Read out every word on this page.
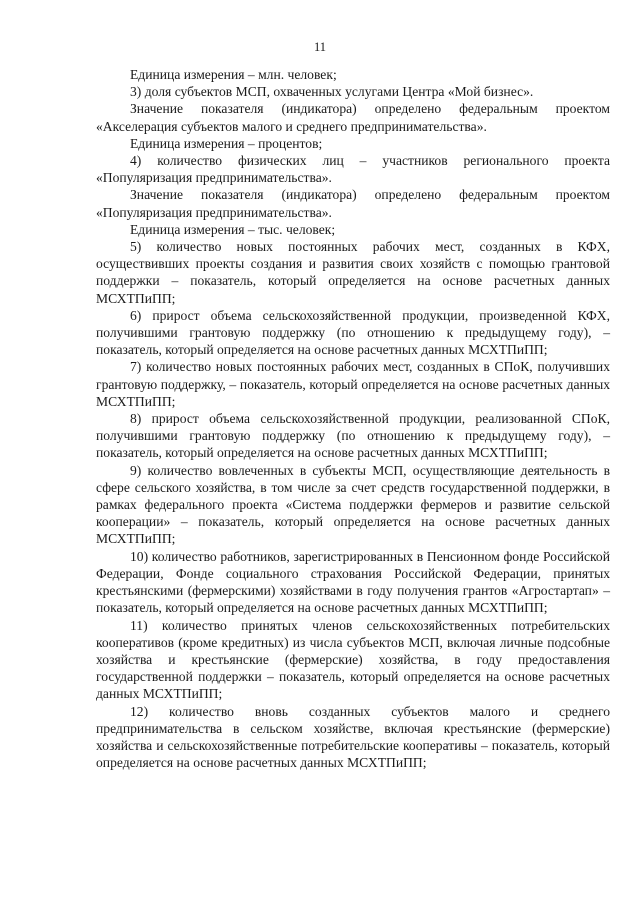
11

Единица измерения – млн. человек;

3) доля субъектов МСП, охваченных услугами Центра «Мой бизнес».

Значение показателя (индикатора) определено федеральным проектом «Акселерация субъектов малого и среднего предпринимательства».

Единица измерения – процентов;

4) количество физических лиц – участников регионального проекта «Популяризация предпринимательства».

Значение показателя (индикатора) определено федеральным проектом «Популяризация предпринимательства».

Единица измерения – тыс. человек;

5) количество новых постоянных рабочих мест, созданных в КФХ, осуществивших проекты создания и развития своих хозяйств с помощью грантовой поддержки – показатель, который определяется на основе расчетных данных МСХТПиПП;

6) прирост объема сельскохозяйственной продукции, произведенной КФХ, получившими грантовую поддержку (по отношению к предыдущему году), – показатель, который определяется на основе расчетных данных МСХТПиПП;

7) количество новых постоянных рабочих мест, созданных в СПоК, получивших грантовую поддержку, – показатель, который определяется на основе расчетных данных МСХТПиПП;

8) прирост объема сельскохозяйственной продукции, реализованной СПоК, получившими грантовую поддержку (по отношению к предыдущему году), – показатель, который определяется на основе расчетных данных МСХТПиПП;

9) количество вовлеченных в субъекты МСП, осуществляющие деятельность в сфере сельского хозяйства, в том числе за счет средств государственной поддержки, в рамках федерального проекта «Система поддержки фермеров и развитие сельской кооперации» – показатель, который определяется на основе расчетных данных МСХТПиПП;

10) количество работников, зарегистрированных в Пенсионном фонде Российской Федерации, Фонде социального страхования Российской Федерации, принятых крестьянскими (фермерскими) хозяйствами в году получения грантов «Агростартап» – показатель, который определяется на основе расчетных данных МСХТПиПП;

11) количество принятых членов сельскохозяйственных потребительских кооперативов (кроме кредитных) из числа субъектов МСП, включая личные подсобные хозяйства и крестьянские (фермерские) хозяйства, в году предоставления государственной поддержки – показатель, который определяется на основе расчетных данных МСХТПиПП;

12) количество вновь созданных субъектов малого и среднего предпринимательства в сельском хозяйстве, включая крестьянские (фермерские) хозяйства и сельскохозяйственные потребительские кооперативы – показатель, который определяется на основе расчетных данных МСХТПиПП;
